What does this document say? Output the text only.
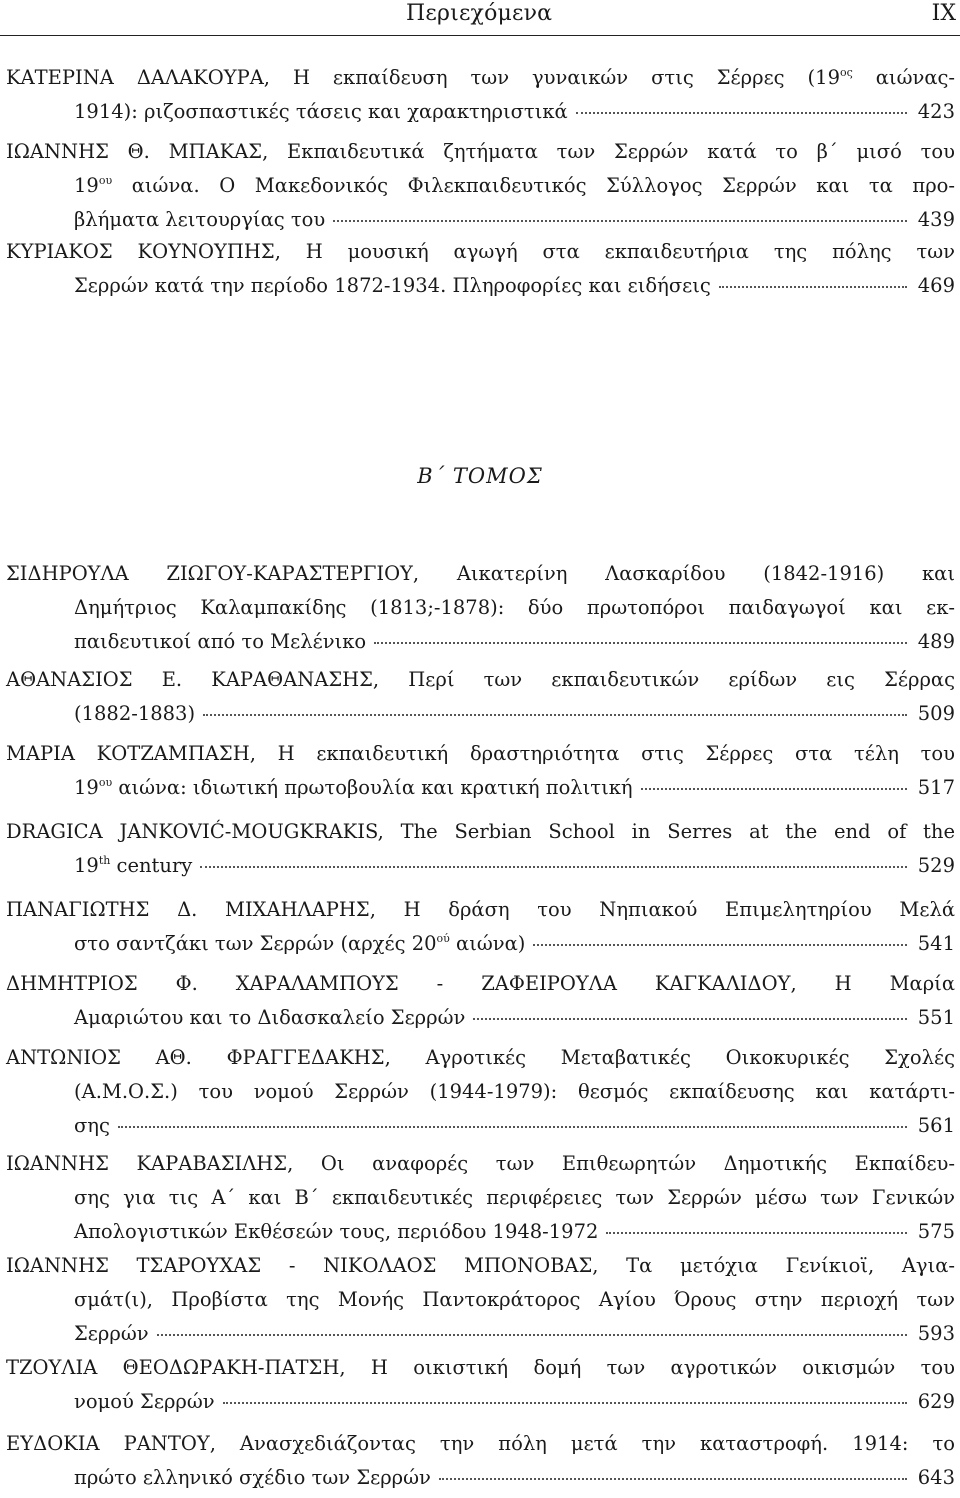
Περιεχόμενα	IX
Β΄ ΤΟΜΟΣ
ΚΑΤΕΡΙΝΑ ΔΑΛΑΚΟΥΡΑ, Η εκπαίδευση των γυναικών στις Σέρρες ($19^{o\varsigma}$ αιώνας-
1914): ριζοσπαστικές τάσεις και χαρακτηριστικά	423
ΙΩΑΝΝΗΣ Θ. ΜΠΑΚΑΣ, Εκπαιδευτικά ζητήματα των Σερρών κατά το β΄ μισό του
$19^{o\upsilon}$ αιώνα. Ο Μακεδονικός Φιλεκπαιδευτικός Σύλλογος Σερρών και τα προ-
βλήματα λειτουργίας του	439
ΚΥΡΙΑΚΟΣ ΚΟΥΝΟΥΠΗΣ, Η μουσική αγωγή στα εκπαιδευτήρια της πόλης των
Σερρών κατά την περίοδο 1872-1934. Πληροφορίες και ειδήσεις	469
ΣΙΔΗΡΟΥΛΑ ΖΙΩΓΟΥ-ΚΑΡΑΣΤΕΡΓΙΟΥ, Αικατερίνη Λασκαρίδου (1842-1916) και
Δημήτριος Καλαμπακίδης (1813;-1878): δύο πρωτοπόροι παιδαγωγοί και εκ-
παιδευτικοί από το Μελένικο	489
ΑΘΑΝΑΣΙΟΣ Ε. ΚΑΡΑΘΑΝΑΣΗΣ, Περί των εκπαιδευτικών ερίδων εις Σέρρας
(1882-1883)	509
ΜΑΡΙΑ ΚΟΤΖΑΜΠΑΣΗ, Η εκπαιδευτική δραστηριότητα στις Σέρρες στα τέλη του
$19^{o\upsilon}$ αιώνα: ιδιωτική πρωτοβουλία και κρατική πολιτική	517
DRAGICA JANKOVIĆ-MOUGKRAKIS, The Serbian School in Serres at the end of the
19th century	529
ΠΑΝΑΓΙΩΤΗΣ Δ. ΜΙΧΑΗΛΑΡΗΣ, Η δράση του Νηπιακού Επιμελητηρίου Μελά
στο σαντζάκι των Σερρών (αρχές $20^{oύ}$ αιώνα)	541
ΔΗΜΗΤΡΙΟΣ Φ. ΧΑΡΑΛΑΜΠΟΥΣ - ΖΑΦΕΙΡΟΥΛΑ ΚΑΓΚΑΛΙΔΟΥ, Η Μαρία
Αμαριώτου και το Διδασκαλείο Σερρών	551
ΑΝΤΩΝΙΟΣ ΑΘ. ΦΡΑΓΓΕΔΑΚΗΣ, Αγροτικές Μεταβατικές Οικοκυρικές Σχολές
(Α.Μ.Ο.Σ.) του νομού Σερρών (1944-1979): θεσμός εκπαίδευσης και κατάρτι-
σης	561
ΙΩΑΝΝΗΣ ΚΑΡΑΒΑΣΙΛΗΣ, Οι αναφορές των Επιθεωρητών Δημοτικής Εκπαίδευ-
σης για τις Α΄ και Β΄ εκπαιδευτικές περιφέρειες των Σερρών μέσω των Γενικών
Απολογιστικών Εκθέσεών τους, περιόδου 1948-1972	575
ΙΩΑΝΝΗΣ ΤΣΑΡΟΥΧΑΣ - ΝΙΚΟΛΑΟΣ ΜΠΟΝΟΒΑΣ, Τα μετόχια Γενίκιοϊ, Αγια-
σμάτ(ι), Προβίστα της Μονής Παντοκράτορος Αγίου Όρους στην περιοχή των
Σερρών	593
ΤΖΟΥΛΙΑ ΘΕΟΔΩΡΑΚΗ-ΠΑΤΣΗ, Η οικιστική δομή των αγροτικών οικισμών του
νομού Σερρών	629
ΕΥΔΟΚΙΑ ΡΑΝΤΟΥ, Ανασχεδιάζοντας την πόλη μετά την καταστροφή. 1914: το
πρώτο ελληνικό σχέδιο των Σερρών	643
